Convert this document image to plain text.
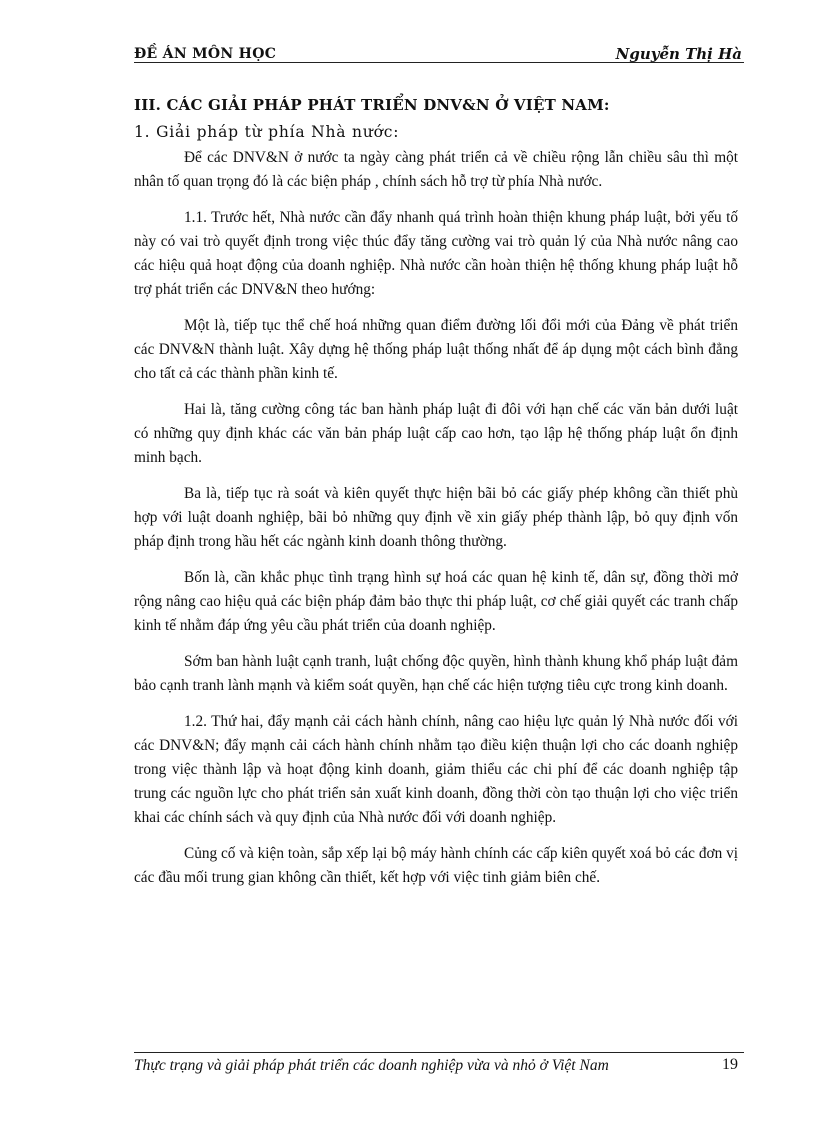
ĐỀ ÁN MÔN HỌC	Nguyễn Thị Hà
III. CÁC GIẢI PHÁP PHÁT TRIỂN DNV&N Ở VIỆT NAM:
1. Giải pháp từ phía Nhà nước:

Để các DNV&N ở nước ta ngày càng phát triển cả về chiều rộng lẫn chiều sâu thì một nhân tố quan trọng đó là các biện pháp , chính sách hỗ trợ từ phía Nhà nước.

1.1. Trước hết, Nhà nước cần đẩy nhanh quá trình hoàn thiện khung pháp luật, bởi yếu tố này có vai trò quyết định trong việc thúc đẩy tăng cường vai trò quản lý của Nhà nước nâng cao các hiệu quả hoạt động của doanh nghiệp. Nhà nước cần hoàn thiện hệ thống khung pháp luật hỗ trợ phát triển các DNV&N theo hướng:

Một là, tiếp tục thể chế hoá những quan điểm đường lối đổi mới của Đảng về phát triển các DNV&N thành luật. Xây dựng hệ thống pháp luật thống nhất để áp dụng một cách bình đẳng cho tất cả các thành phần kinh tế.

Hai là, tăng cường công tác ban hành pháp luật đi đôi với hạn chế các văn bản dưới luật có những quy định khác các văn bản pháp luật cấp cao hơn, tạo lập hệ thống pháp luật ổn định minh bạch.

Ba là, tiếp tục rà soát và kiên quyết thực hiện bãi bỏ các giấy phép không cần thiết phù hợp với luật doanh nghiệp, bãi bỏ những quy định về xin giấy phép thành lập, bỏ quy định vốn pháp định trong hầu hết các ngành kinh doanh thông thường.

Bốn là, cần khắc phục tình trạng hình sự hoá các quan hệ kinh tế, dân sự, đồng thời mở rộng nâng cao hiệu quả các biện pháp đảm bảo thực thi pháp luật, cơ chế giải quyết các tranh chấp kinh tế nhằm đáp ứng yêu cầu phát triển của doanh nghiệp.

Sớm ban hành luật cạnh tranh, luật chống độc quyền, hình thành khung khổ pháp luật đảm bảo cạnh tranh lành mạnh và kiểm soát quyền, hạn chế các hiện tượng tiêu cực trong kinh doanh.

1.2. Thứ hai, đẩy mạnh cải cách hành chính, nâng cao hiệu lực quản lý Nhà nước đối với các DNV&N; đẩy mạnh cải cách hành chính nhằm tạo điều kiện thuận lợi cho các doanh nghiệp trong việc thành lập và hoạt động kinh doanh, giảm thiểu các chi phí để các doanh nghiệp tập trung các nguồn lực cho phát triển sản xuất kinh doanh, đồng thời còn tạo thuận lợi cho việc triển khai các chính sách và quy định của Nhà nước đối với doanh nghiệp.

Củng cố và kiện toàn, sắp xếp lại bộ máy hành chính các cấp kiên quyết xoá bỏ các đơn vị các đầu mối trung gian không cần thiết, kết hợp với việc tinh giảm biên chế.

Thực trạng và giải pháp phát triển các doanh nghiệp vừa và nhỏ ở Việt Nam	19
